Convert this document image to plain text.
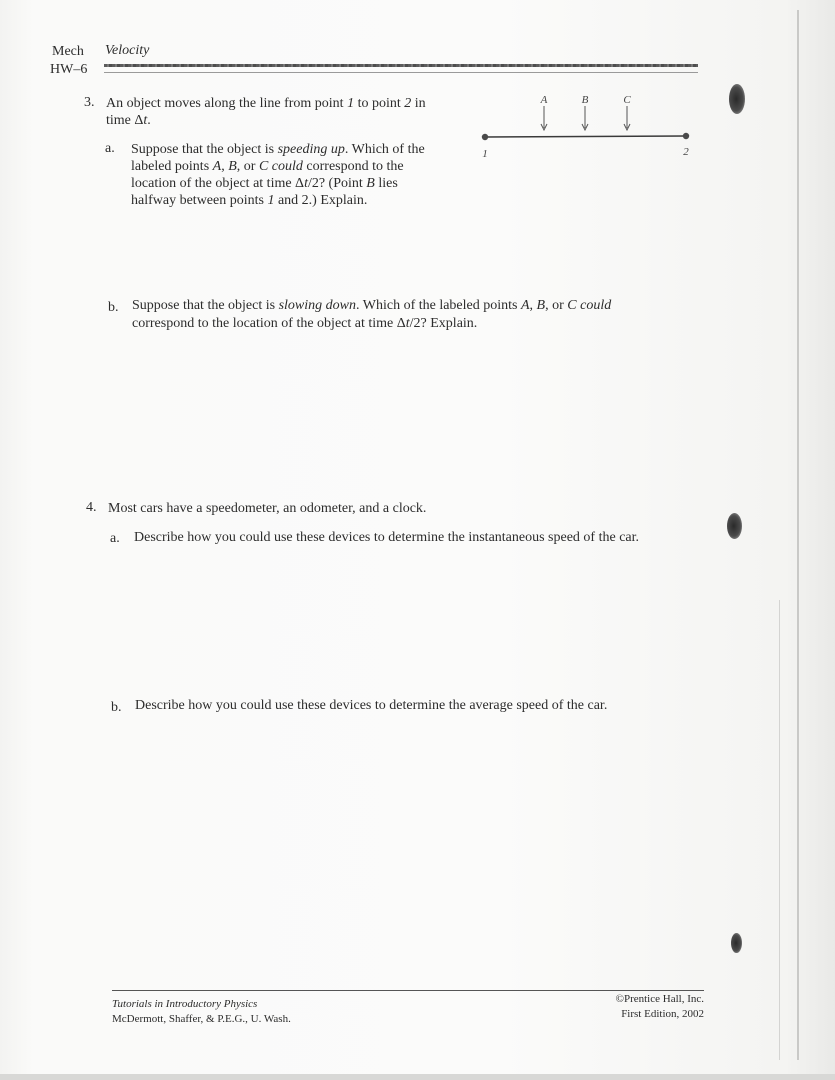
Mech
HW–6
Velocity
3. An object moves along the line from point 1 to point 2 in
time Δt.
a. Suppose that the object is speeding up. Which of the
labeled points A, B, or C could correspond to the
location of the object at time Δt/2? (Point B lies
halfway between points 1 and 2.) Explain.
A	B	C
1	2
b. Suppose that the object is slowing down. Which of the labeled points A, B, or C could
correspond to the location of the object at time Δt/2? Explain.
4. Most cars have a speedometer, an odometer, and a clock.
a. Describe how you could use these devices to determine the instantaneous speed of the car.
b. Describe how you could use these devices to determine the average speed of the car.
Tutorials in Introductory Physics
McDermott, Shaffer, & P.E.G., U. Wash.
©Prentice Hall, Inc.
First Edition, 2002
